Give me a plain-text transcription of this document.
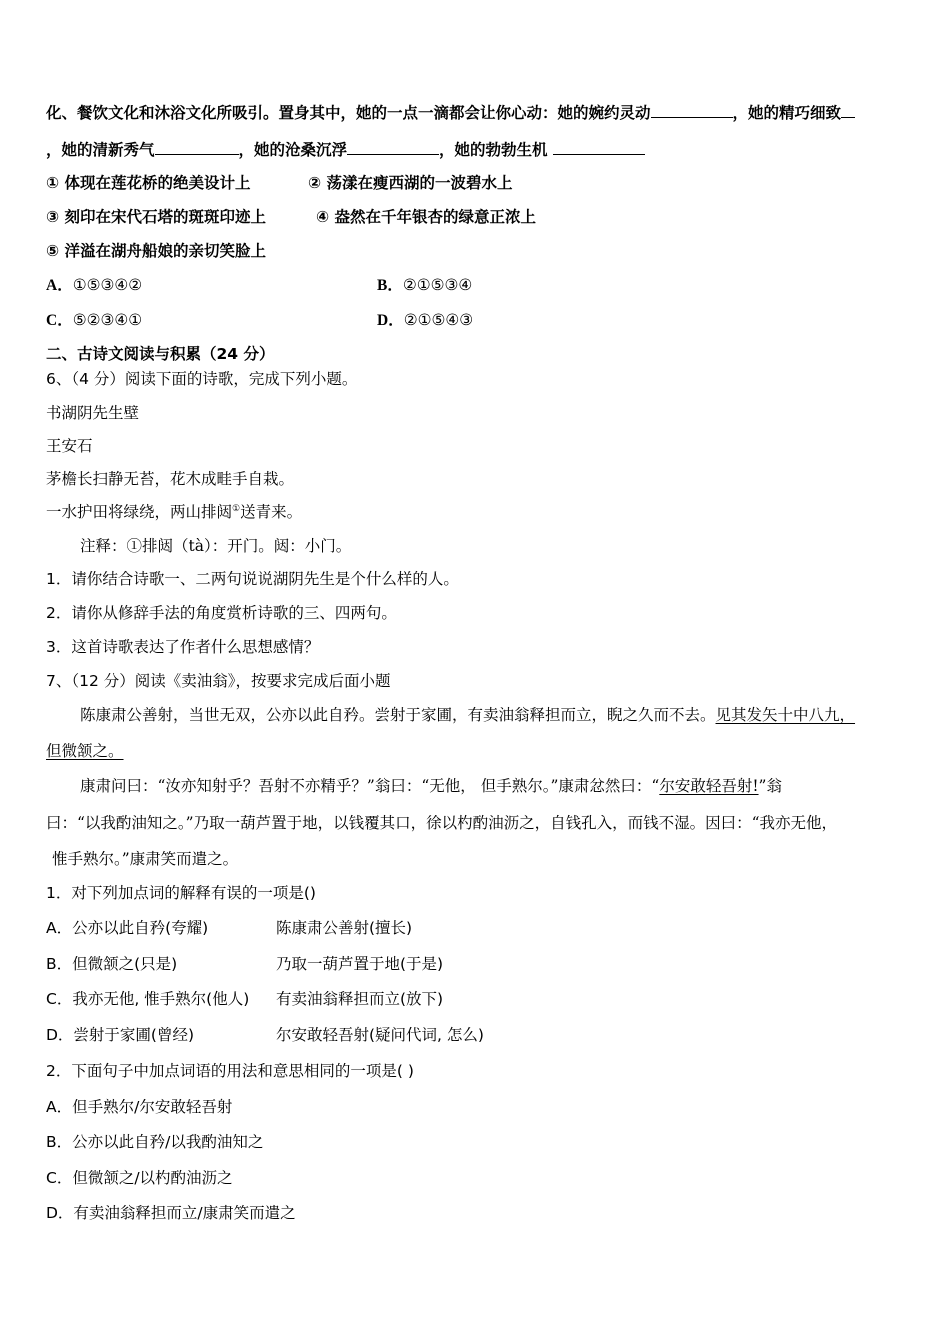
化、餐饮文化和沐浴文化所吸引。置身其中，她的一点一滴都会让你心动：她的婉约灵动	，她的精巧细致
，她的清新秀气	，她的沧桑沉浮	，她的勃勃生机
① 体现在莲花桥的绝美设计上	② 荡漾在瘦西湖的一波碧水上
③ 刻印在宋代石塔的斑斑印迹上	④ 盎然在千年银杏的绿意正浓上
⑤ 洋溢在湖舟船娘的亲切笑脸上
A．①⑤③④②	B．②①⑤③④
C．⑤②③④①	D．②①⑤④③
二、古诗文阅读与积累（24 分）
6、（4 分）阅读下面的诗歌，完成下列小题。
书湖阴先生壁
王安石
茅檐长扫静无苔，花木成畦手自栽。
一水护田将绿绕，两山排闼①送青来。
注释：①排闼（tà）：开门。闼：小门。
1．请你结合诗歌一、二两句说说湖阴先生是个什么样的人。
2．请你从修辞手法的角度赏析诗歌的三、四两句。
3．这首诗歌表达了作者什么思想感情？
7、（12 分）阅读《卖油翁》，按要求完成后面小题
陈康肃公善射，当世无双，公亦以此自矜。尝射于家圃，有卖油翁释担而立，睨之久而不去。见其发矢十中八九，
但微颔之。
康肃问曰：“汝亦知射乎？吾射不亦精乎？”翁曰：“无他， 但手熟尔。”康肃忿然曰：“尔安敢轻吾射!”翁
曰：“以我酌油知之。”乃取一葫芦置于地，以钱覆其口，徐以杓酌油沥之，自钱孔入，而钱不湿。因曰：“我亦无他，
惟手熟尔。”康肃笑而遣之。
1．对下列加点词的解释有误的一项是()
A．公亦以此自矜(夸耀)	陈康肃公善射(擅长)
B．但微颔之(只是)	乃取一葫芦置于地(于是)
C．我亦无他, 惟手熟尔(他人) 有卖油翁释担而立(放下)
D．尝射于家圃(曾经)	尔安敢轻吾射(疑问代词, 怎么)
2．下面句子中加点词语的用法和意思相同的一项是( )
A．但手熟尔/尔安敢轻吾射
B．公亦以此自矜/以我酌油知之
C．但微颔之/以杓酌油沥之
D．有卖油翁释担而立/康肃笑而遣之
